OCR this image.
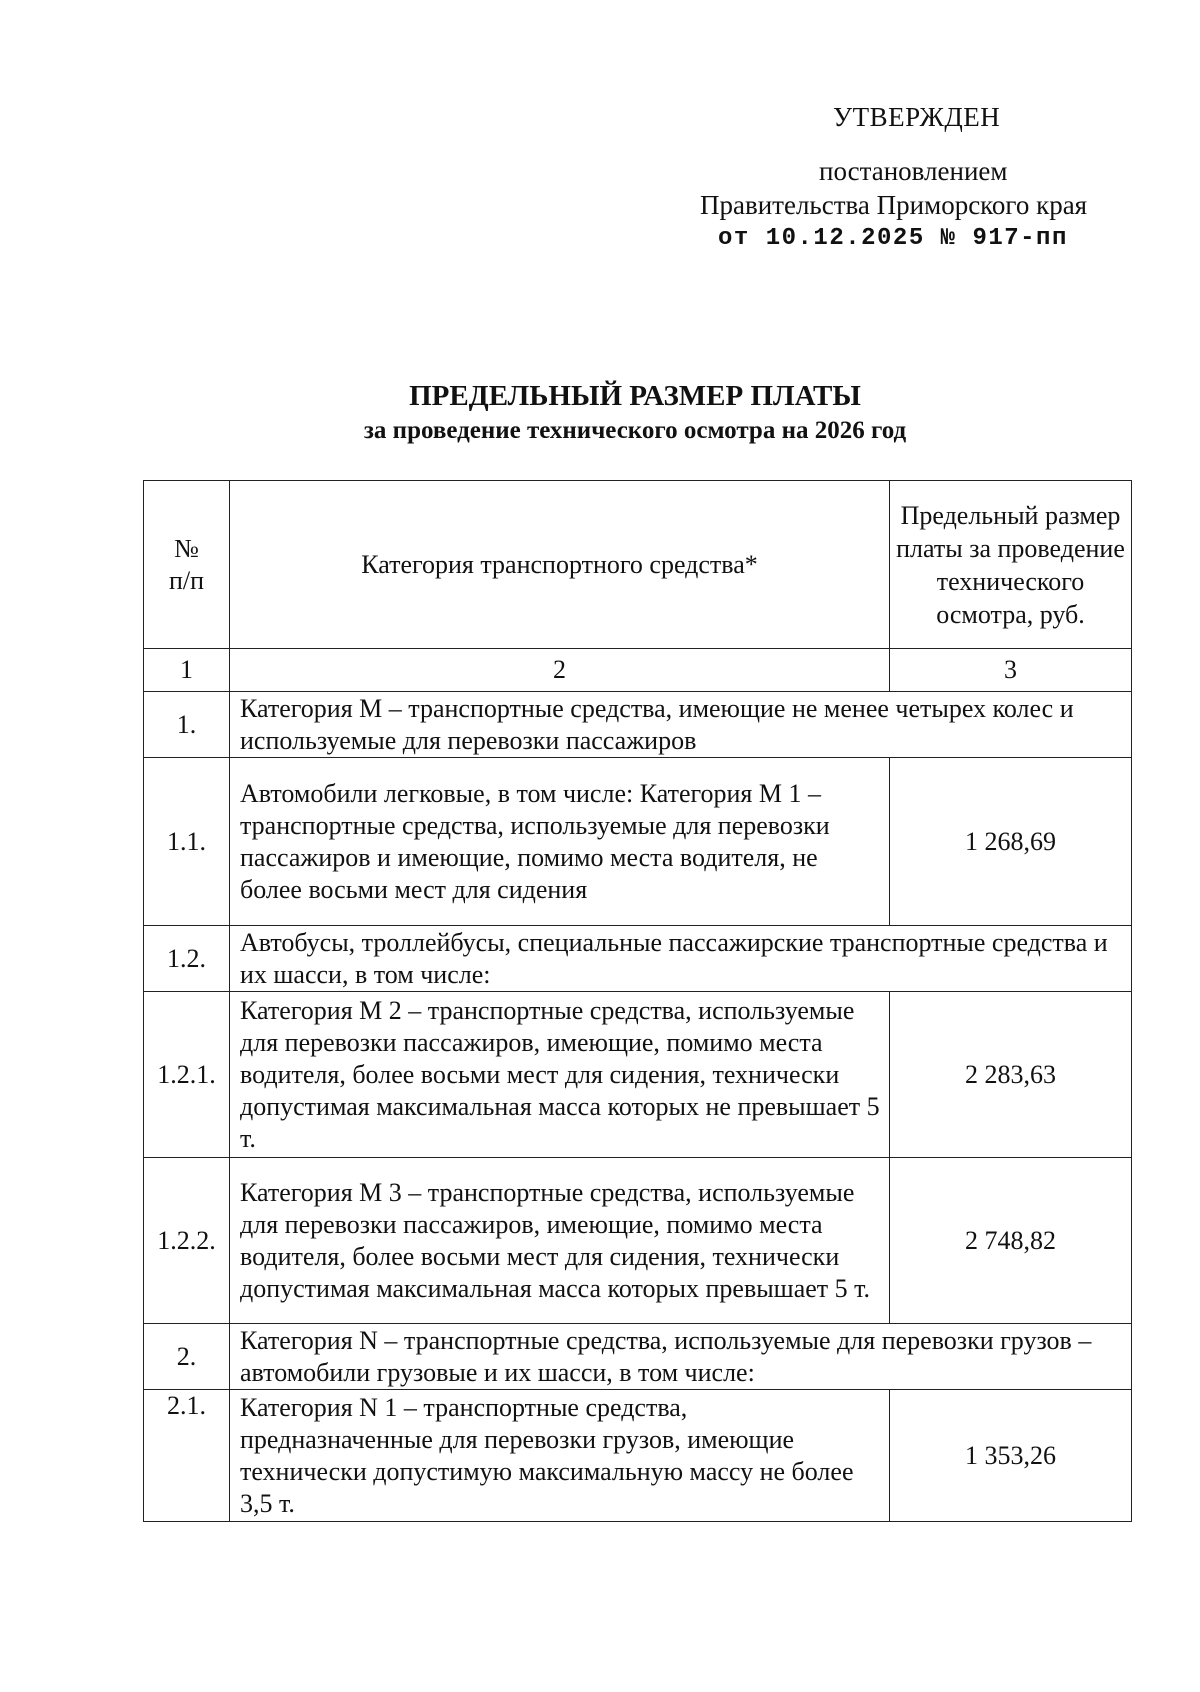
УТВЕРЖДЕН
постановлением
Правительства Приморского края
от 10.12.2025 № 917-пп
ПРЕДЕЛЬНЫЙ РАЗМЕР ПЛАТЫ
за проведение технического осмотра на 2026 год
№ п/п	Категория транспортного средства*	Предельный размер платы за проведение технического осмотра, руб.
1	2	3
1.	Категория М – транспортные средства, имеющие не менее четырех колес и используемые для перевозки пассажиров	
1.1.	Автомобили легковые, в том числе: Категория М 1 – транспортные средства, используемые для перевозки пассажиров и имеющие, помимо места водителя, не более восьми мест для сидения	1 268,69
1.2.	Автобусы, троллейбусы, специальные пассажирские транспортные средства и их шасси, в том числе:	
1.2.1.	Категория М 2 – транспортные средства, используемые для перевозки пассажиров, имеющие, помимо места водителя, более восьми мест для сидения, технически допустимая максимальная масса которых не превышает 5 т.	2 283,63
1.2.2.	Категория М 3 – транспортные средства, используемые для перевозки пассажиров, имеющие, помимо места водителя, более восьми мест для сидения, технически допустимая максимальная масса которых превышает 5 т.	2 748,82
2.	Категория N – транспортные средства, используемые для перевозки грузов – автомобили грузовые и их шасси, в том числе:	
2.1.	Категория N 1 – транспортные средства, предназначенные для перевозки грузов, имеющие технически допустимую максимальную массу не более 3,5 т.	1 353,26
